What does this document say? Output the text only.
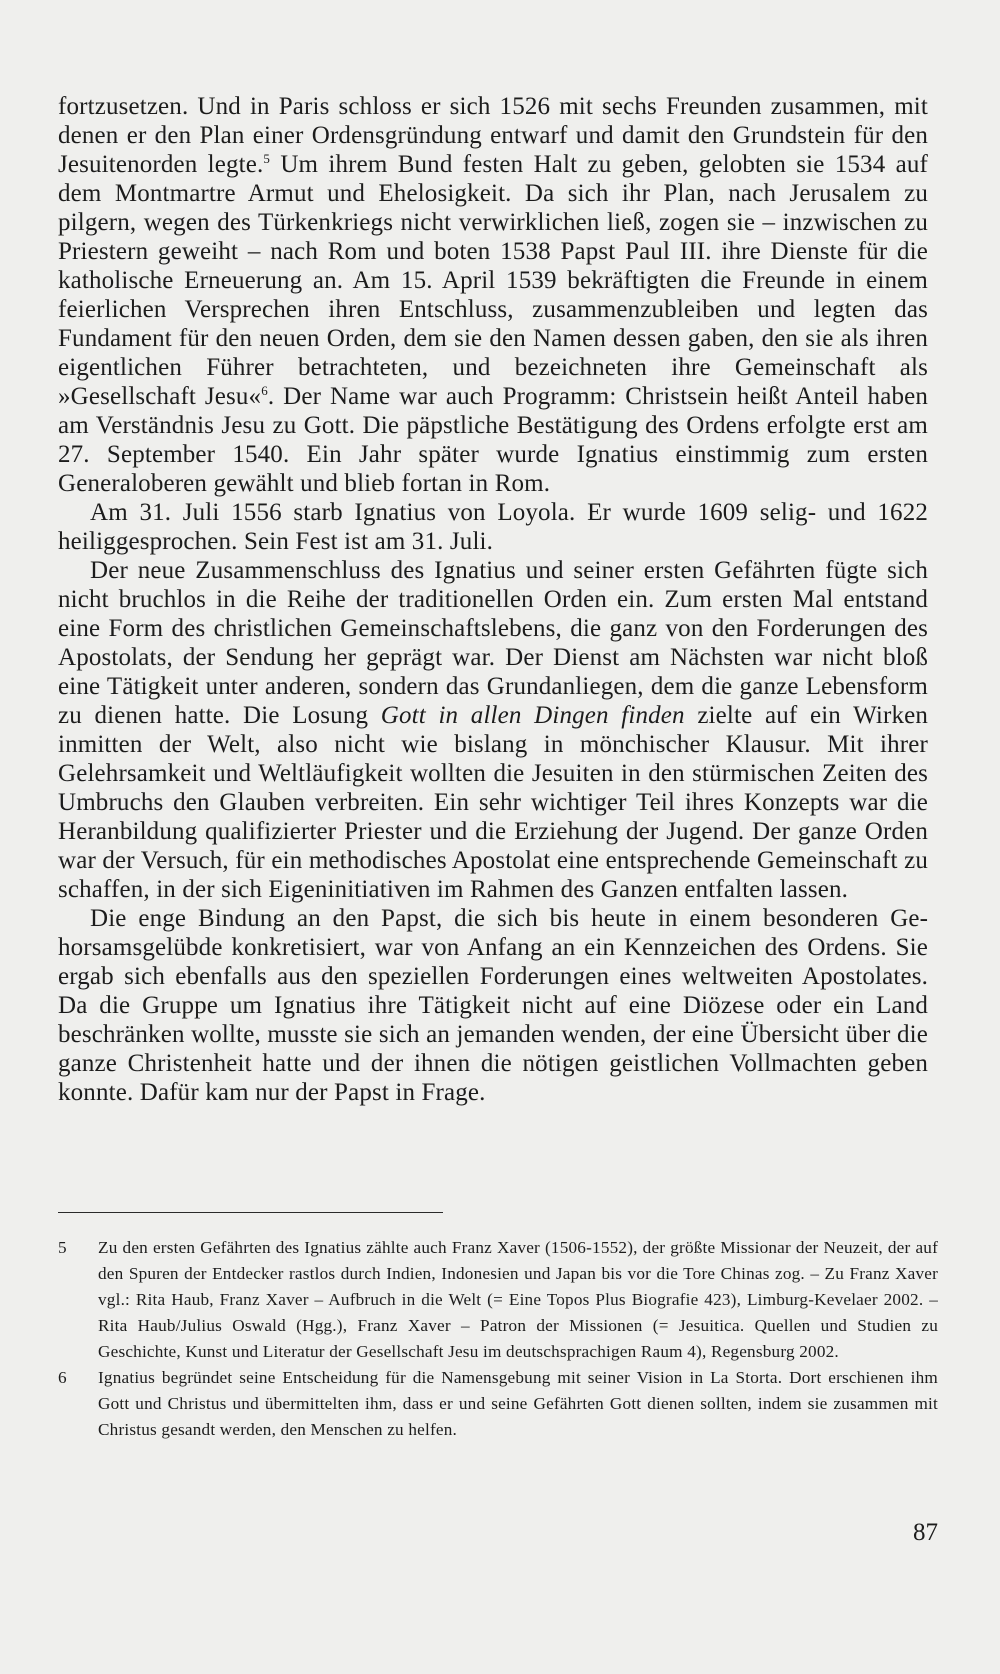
fortzusetzen. Und in Paris schloss er sich 1526 mit sechs Freunden zusammen, mit denen er den Plan einer Ordensgründung entwarf und damit den Grundstein für den Jesuitenorden legte.$^5$ Um ihrem Bund festen Halt zu geben, gelobten sie 1534 auf dem Montmartre Armut und Ehelosigkeit. Da sich ihr Plan, nach Jerusalem zu pilgern, wegen des Türkenkriegs nicht verwirklichen ließ, zogen sie – inzwischen zu Priestern geweiht – nach Rom und boten 1538 Papst Paul III. ihre Dienste für die katholische Erneuerung an. Am 15. April 1539 bekräftigten die Freunde in einem feierlichen Versprechen ihren Entschluss, zusammenzubleiben und legten das Fundament für den neuen Orden, dem sie den Namen dessen gaben, den sie als ihren eigentlichen Führer betrachteten, und bezeichneten ihre Gemeinschaft als »Gesellschaft Jesu«$^6$. Der Name war auch Programm: Christsein heißt Anteil haben am Verständnis Jesu zu Gott. Die päpstliche Bestätigung des Ordens erfolgte erst am 27. September 1540. Ein Jahr später wurde Ignatius einstimmig zum ersten Generaloberen gewählt und blieb fortan in Rom.

Am 31. Juli 1556 starb Ignatius von Loyola. Er wurde 1609 selig- und 1622 heiliggesprochen. Sein Fest ist am 31. Juli.

Der neue Zusammenschluss des Ignatius und seiner ersten Gefährten fügte sich nicht bruchlos in die Reihe der traditionellen Orden ein. Zum ersten Mal entstand eine Form des christlichen Gemeinschaftslebens, die ganz von den Forderungen des Apostolats, der Sendung her geprägt war. Der Dienst am Nächsten war nicht bloß eine Tätigkeit unter anderen, sondern das Grundanliegen, dem die ganze Lebensform zu dienen hatte. Die Losung Gott in allen Dingen finden zielte auf ein Wirken inmitten der Welt, also nicht wie bislang in mönchischer Klausur. Mit ihrer Gelehrsamkeit und Weltläufigkeit wollten die Jesuiten in den stürmischen Zeiten des Umbruchs den Glauben verbreiten. Ein sehr wichtiger Teil ihres Konzepts war die Heranbildung qualifizierter Priester und die Erziehung der Jugend. Der ganze Orden war der Versuch, für ein methodisches Apostolat eine entsprechende Gemeinschaft zu schaffen, in der sich Eigeninitiativen im Rahmen des Ganzen entfalten lassen.

Die enge Bindung an den Papst, die sich bis heute in einem besonderen Gehorsamsgelübde konkretisiert, war von Anfang an ein Kennzeichen des Ordens. Sie ergab sich ebenfalls aus den speziellen Forderungen eines weltweiten Apostolates. Da die Gruppe um Ignatius ihre Tätigkeit nicht auf eine Diözese oder ein Land beschränken wollte, musste sie sich an jemanden wenden, der eine Übersicht über die ganze Christenheit hatte und der ihnen die nötigen geistlichen Vollmachten geben konnte. Dafür kam nur der Papst in Frage.

5	Zu den ersten Gefährten des Ignatius zählte auch Franz Xaver (1506-1552), der größte Missionar der Neuzeit, der auf den Spuren der Entdecker rastlos durch Indien, Indonesien und Japan bis vor die Tore Chinas zog. – Zu Franz Xaver vgl.: Rita Haub, Franz Xaver – Aufbruch in die Welt (= Eine Topos Plus Biografie 423), Limburg-Kevelaer 2002. – Rita Haub/Julius Oswald (Hgg.), Franz Xaver – Patron der Missionen (= Jesuitica. Quellen und Studien zu Geschichte, Kunst und Literatur der Gesellschaft Jesu im deutschsprachigen Raum 4), Regensburg 2002.
6	Ignatius begründet seine Entscheidung für die Namensgebung mit seiner Vision in La Storta. Dort erschienen ihm Gott und Christus und übermittelten ihm, dass er und seine Gefährten Gott dienen sollten, indem sie zusammen mit Christus gesandt werden, den Menschen zu helfen.
87
